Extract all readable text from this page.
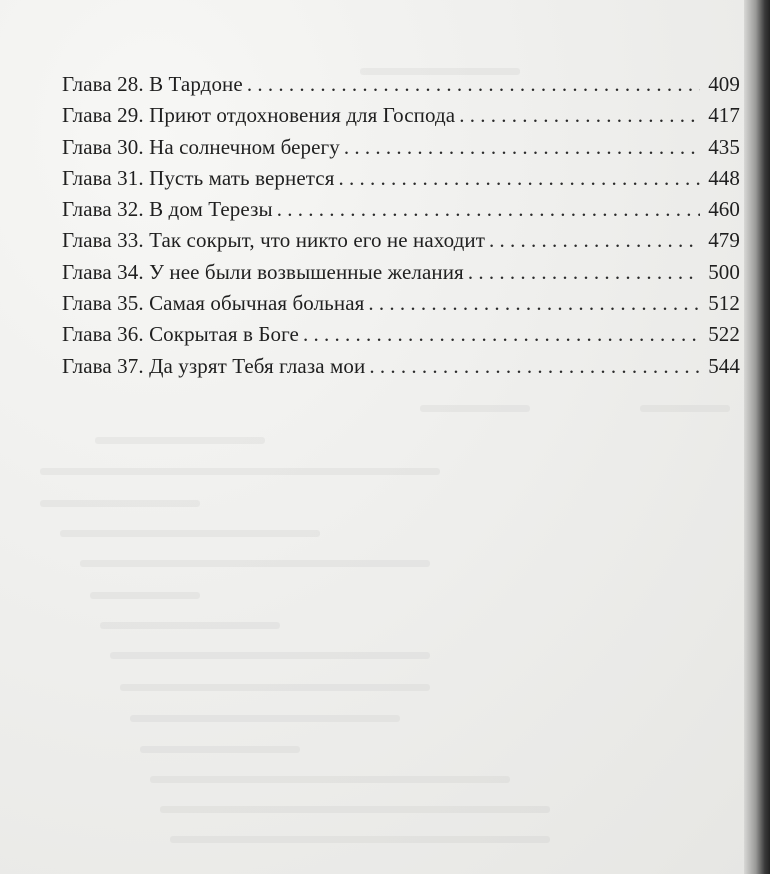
Глава 28. В Тардоне . . .	409
Глава 29. Приют отдохновения для Господа . . .	417
Глава 30. На солнечном берегу . . .	435
Глава 31. Пусть мать вернется . . .	448
Глава 32. В дом Терезы . . .	460
Глава 33. Так сокрыт, что никто его не находит . . .	479
Глава 34. У нее были возвышенные желания . . .	500
Глава 35. Самая обычная больная . . .	512
Глава 36. Сокрытая в Боге . . .	522
Глава 37. Да узрят Тебя глаза мои . . .	544
